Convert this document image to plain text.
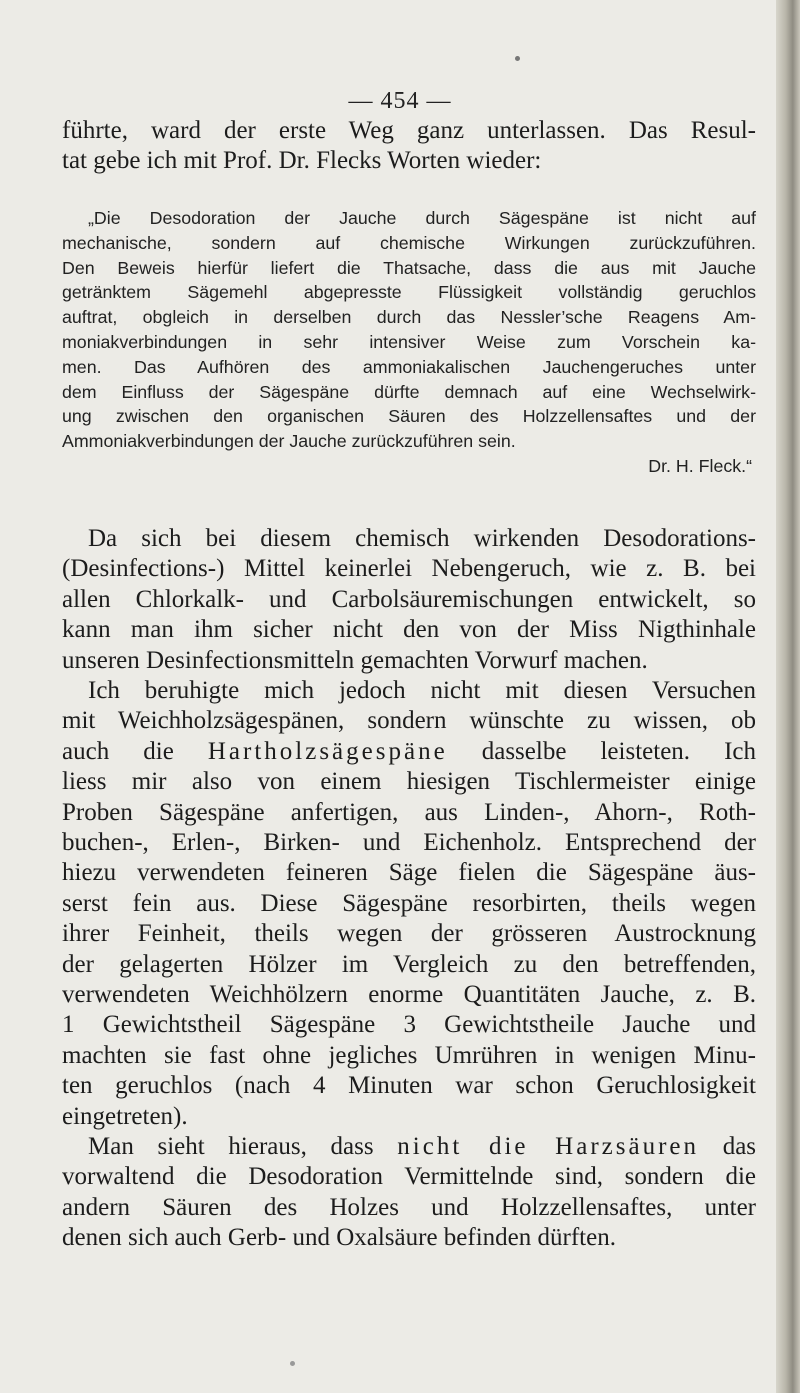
— 454 —
führte, ward der erste Weg ganz unterlassen. Das Resul-
tat gebe ich mit Prof. Dr. Flecks Worten wieder:
„Die Desodoration der Jauche durch Sägespäne ist nicht auf
mechanische, sondern auf chemische Wirkungen zurückzuführen.
Den Beweis hierfür liefert die Thatsache, dass die aus mit Jauche
getränktem Sägemehl abgepresste Flüssigkeit vollständig geruchlos
auftrat, obgleich in derselben durch das Nessler’sche Reagens Am-
moniakverbindungen in sehr intensiver Weise zum Vorschein ka-
men. Das Aufhören des ammoniakalischen Jauchengeruches unter
dem Einfluss der Sägespäne dürfte demnach auf eine Wechselwirk-
ung zwischen den organischen Säuren des Holzzellensaftes und der
Ammoniakverbindungen der Jauche zurückzuführen sein.
Dr. H. Fleck.“
Da sich bei diesem chemisch wirkenden Desodorations-
(Desinfections-) Mittel keinerlei Nebengeruch, wie z. B. bei
allen Chlorkalk- und Carbolsäuremischungen entwickelt, so
kann man ihm sicher nicht den von der Miss Nigthinhale
unseren Desinfectionsmitteln gemachten Vorwurf machen.
Ich beruhigte mich jedoch nicht mit diesen Versuchen
mit Weichholzsägespänen, sondern wünschte zu wissen, ob
auch die Hartholzsägespäne dasselbe leisteten. Ich
liess mir also von einem hiesigen Tischlermeister einige
Proben Sägespäne anfertigen, aus Linden-, Ahorn-, Roth-
buchen-, Erlen-, Birken- und Eichenholz. Entsprechend der
hiezu verwendeten feineren Säge fielen die Sägespäne äus-
serst fein aus. Diese Sägespäne resorbirten, theils wegen
ihrer Feinheit, theils wegen der grösseren Austrocknung
der gelagerten Hölzer im Vergleich zu den betreffenden,
verwendeten Weichhölzern enorme Quantitäten Jauche, z. B.
1 Gewichtstheil Sägespäne 3 Gewichtstheile Jauche und
machten sie fast ohne jegliches Umrühren in wenigen Minu-
ten geruchlos (nach 4 Minuten war schon Geruchlosigkeit
eingetreten).
Man sieht hieraus, dass nicht die Harzsäuren das
vorwaltend die Desodoration Vermittelnde sind, sondern die
andern Säuren des Holzes und Holzzellensaftes, unter
denen sich auch Gerb- und Oxalsäure befinden dürften.
